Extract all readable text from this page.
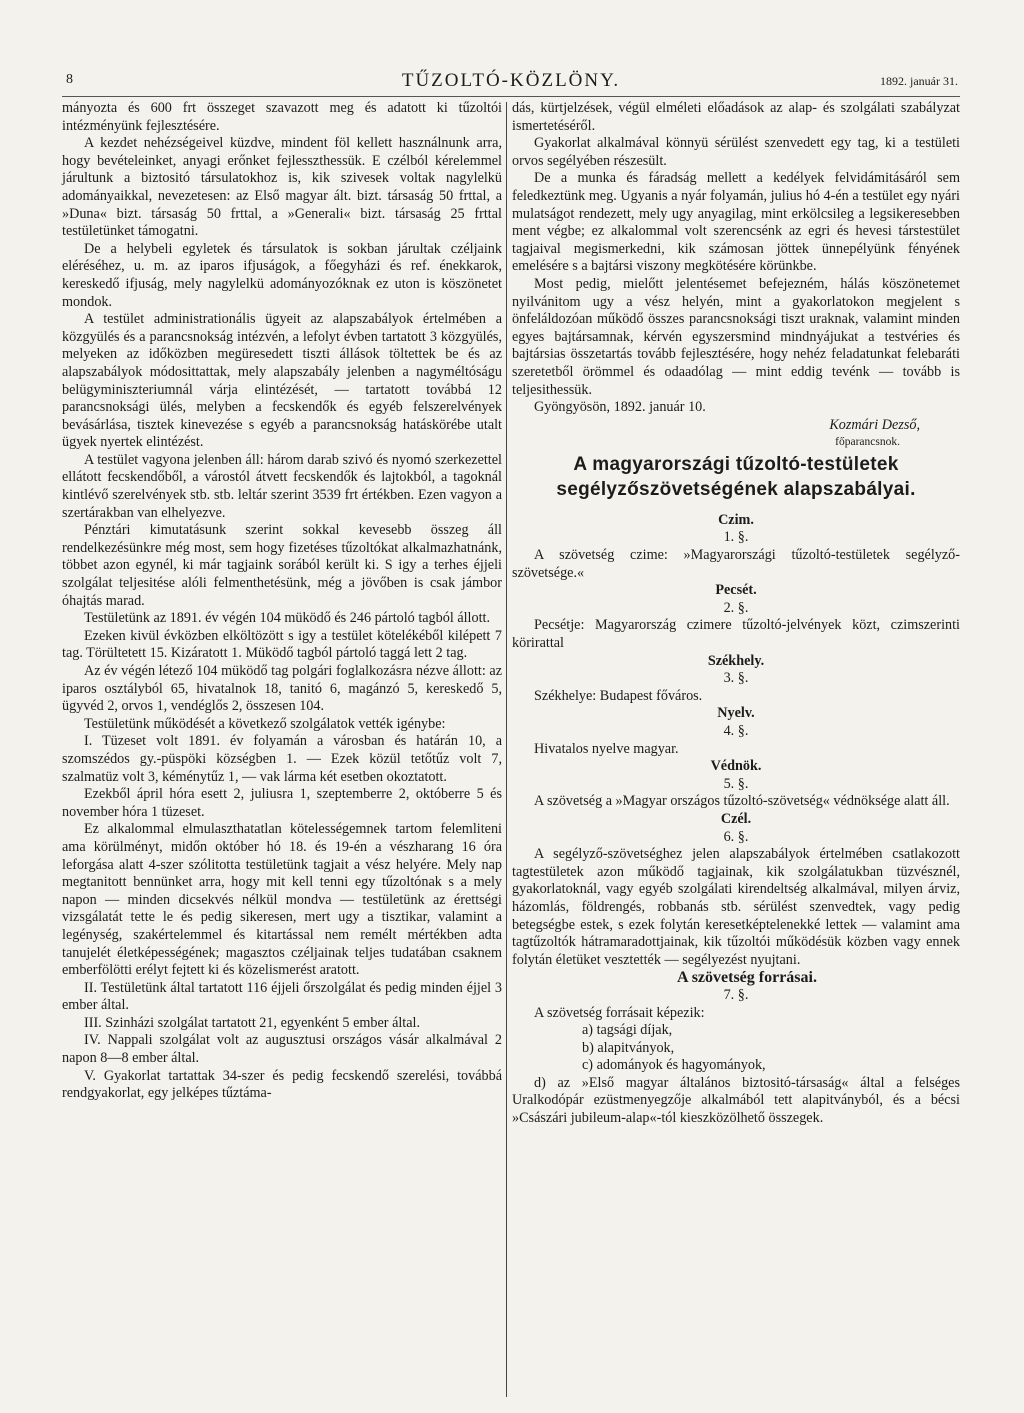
8	TŰZOLTÓ-KÖZLÖNY.	1892. január 31.

mányozta és 600 frt összeget szavazott meg és adatott ki tűzoltói intézményünk fejlesztésére.

A kezdet nehézségeivel küzdve, mindent föl kellett használnunk arra, hogy bevételeinket, anyagi erőnket fejlesszthessük. E czélból kérelemmel járultunk a biztositó társulatokhoz is, kik szivesek voltak nagylelkü adományaikkal, nevezetesen: az Első magyar ált. bizt. társaság 50 frttal, a »Duna« bizt. társaság 50 frttal, a »Generali« bizt. társaság 25 frttal testületünket támogatni.

De a helybeli egyletek és társulatok is sokban járultak czéljaink eléréséhez, u. m. az iparos ifjuságok, a főegyházi és ref. énekkarok, kereskedő ifjuság, mely nagylelkü adományozóknak ez uton is köszönetet mondok.

A testület administrationális ügyeit az alapszabályok értelmében a közgyülés és a parancsnokság intézvén, a lefolyt évben tartatott 3 közgyülés, melyeken az időközben megüresedett tiszti állások töltettek be és az alapszabályok módosittattak, mely alapszabály jelenben a nagyméltóságu belügyminiszteriumnál várja elintézését, — tartatott továbbá 12 parancsnoksági ülés, melyben a fecskendők és egyéb felszerelvények bevásárlása, tisztek kinevezése s egyéb a parancsnokság hatáskörébe utalt ügyek nyertek elintézést.

A testület vagyona jelenben áll: három darab szivó és nyomó szerkezettel ellátott fecskendőből, a várostól átvett fecskendők és lajtokból, a tagoknál kintlévő szerelvények stb. stb. leltár szerint 3539 frt értékben. Ezen vagyon a szertárakban van elhelyezve.

Pénztári kimutatásunk szerint sokkal kevesebb összeg áll rendelkezésünkre még most, sem hogy fizetéses tűzoltókat alkalmazhatnánk, többet azon egynél, ki már tagjaink sorából került ki. S igy a terhes éjjeli szolgálat teljesitése alóli felmenthetésünk, még a jövőben is csak jámbor óhajtás marad.

Testületünk az 1891. év végén 104 müködő és 246 pártoló tagból állott.

Ezeken kivül évközben elköltözött s igy a testület kötelékéből kilépett 7 tag. Törültetett 15. Kizáratott 1. Müködő tagból pártoló taggá lett 2 tag.

Az év végén létező 104 müködő tag polgári foglalkozásra nézve állott: az iparos osztályból 65, hivatalnok 18, tanitó 6, magánzó 5, kereskedő 5, ügyvéd 2, orvos 1, vendéglős 2, összesen 104.

Testületünk működését a következő szolgálatok vették igénybe:

I. Tüzeset volt 1891. év folyamán a városban és határán 10, a szomszédos gy.-püspöki községben 1. — Ezek közül tetőtűz volt 7, szalmatüz volt 3, kéménytűz 1, — vak lárma két esetben okoztatott.

Ezekből ápril hóra esett 2, juliusra 1, szeptemberre 2, októberre 5 és november hóra 1 tüzeset.

Ez alkalommal elmulaszthatatlan kötelességemnek tartom felemliteni ama körülményt, midőn október hó 18. és 19-én a vészharang 16 óra leforgása alatt 4-szer szólitotta testületünk tagjait a vész helyére. Mely nap megtanitott bennünket arra, hogy mit kell tenni egy tűzoltónak s a mely napon — minden dicsekvés nélkül mondva — testületünk az érettségi vizsgálatát tette le és pedig sikeresen, mert ugy a tisztikar, valamint a legénység, szakértelemmel és kitartással nem remélt mértékben adta tanujelét életképességének; magasztos czéljainak teljes tudatában csaknem emberfölötti erélyt fejtett ki és közelismerést aratott.

II. Testületünk által tartatott 116 éjjeli őrszolgálat és pedig minden éjjel 3 ember által.

III. Szinházi szolgálat tartatott 21, egyenként 5 ember által.

IV. Nappali szolgálat volt az augusztusi országos vásár alkalmával 2 napon 8—8 ember által.

V. Gyakorlat tartattak 34-szer és pedig fecskendő szerelési, továbbá rendgyakorlat, egy jelképes tűztáma-

dás, kürtjelzések, végül elméleti előadások az alap- és szolgálati szabályzat ismertetéséről.

Gyakorlat alkalmával könnyü sérülést szenvedett egy tag, ki a testületi orvos segélyében részesült.

De a munka és fáradság mellett a kedélyek felvidámitásáról sem feledkeztünk meg. Ugyanis a nyár folyamán, julius hó 4-én a testület egy nyári mulatságot rendezett, mely ugy anyagilag, mint erkölcsileg a legsikeresebben ment végbe; ez alkalommal volt szerencsénk az egri és hevesi társtestület tagjaival megismerkedni, kik számosan jöttek ünnepélyünk fényének emelésére s a bajtársi viszony megkötésére körünkbe.

Most pedig, mielőtt jelentésemet befejezném, hálás köszönetemet nyilvánitom ugy a vész helyén, mint a gyakorlatokon megjelent s önfeláldozóan működő összes parancsnoksági tiszt uraknak, valamint minden egyes bajtársamnak, kérvén egyszersmind mindnyájukat a testvéries és bajtársias összetartás tovább fejlesztésére, hogy nehéz feladatunkat felebaráti szeretetből örömmel és odaadólag — mint eddig tevénk — tovább is teljesithessük.

Gyöngyösön, 1892. január 10.

Kozmári Dezső,

főparancsnok.

A magyarországi tűzoltó-testületek segélyzőszövetségének alapszabályai.

Czim.

1. §.

A szövetség czime: »Magyarországi tűzoltó-testületek segélyző-szövetsége.«

Pecsét.

2. §.

Pecsétje: Magyarország czimere tűzoltó-jelvények közt, czimszerinti körirattal

Székhely.

3. §.

Székhelye: Budapest főváros.

Nyelv.

4. §.

Hivatalos nyelve magyar.

Védnök.

5. §.

A szövetség a »Magyar országos tűzoltó-szövetség« védnöksége alatt áll.

Czél.

6. §.

A segélyző-szövetséghez jelen alapszabályok értelmében csatlakozott tagtestületek azon működő tagjainak, kik szolgálatukban tüzvésznél, gyakorlatoknál, vagy egyéb szolgálati kirendeltség alkalmával, milyen árviz, házomlás, földrengés, robbanás stb. sérülést szenvedtek, vagy pedig betegségbe estek, s ezek folytán keresetképtelenekké lettek — valamint ama tagtűzoltók hátramaradottjainak, kik tűzoltói működésük közben vagy ennek folytán életüket vesztették — segélyezést nyujtani.

A szövetség forrásai.

7. §.

A szövetség forrásait képezik:

a) tagsági díjak,

b) alapitványok,

c) adományok és hagyományok,

d) az »Első magyar általános biztositó-társaság« által a felséges Uralkodópár ezüstmenyegzője alkalmából tett alapitványból, és a bécsi »Császári jubileum-alap«-tól kieszközölhető összegek.
